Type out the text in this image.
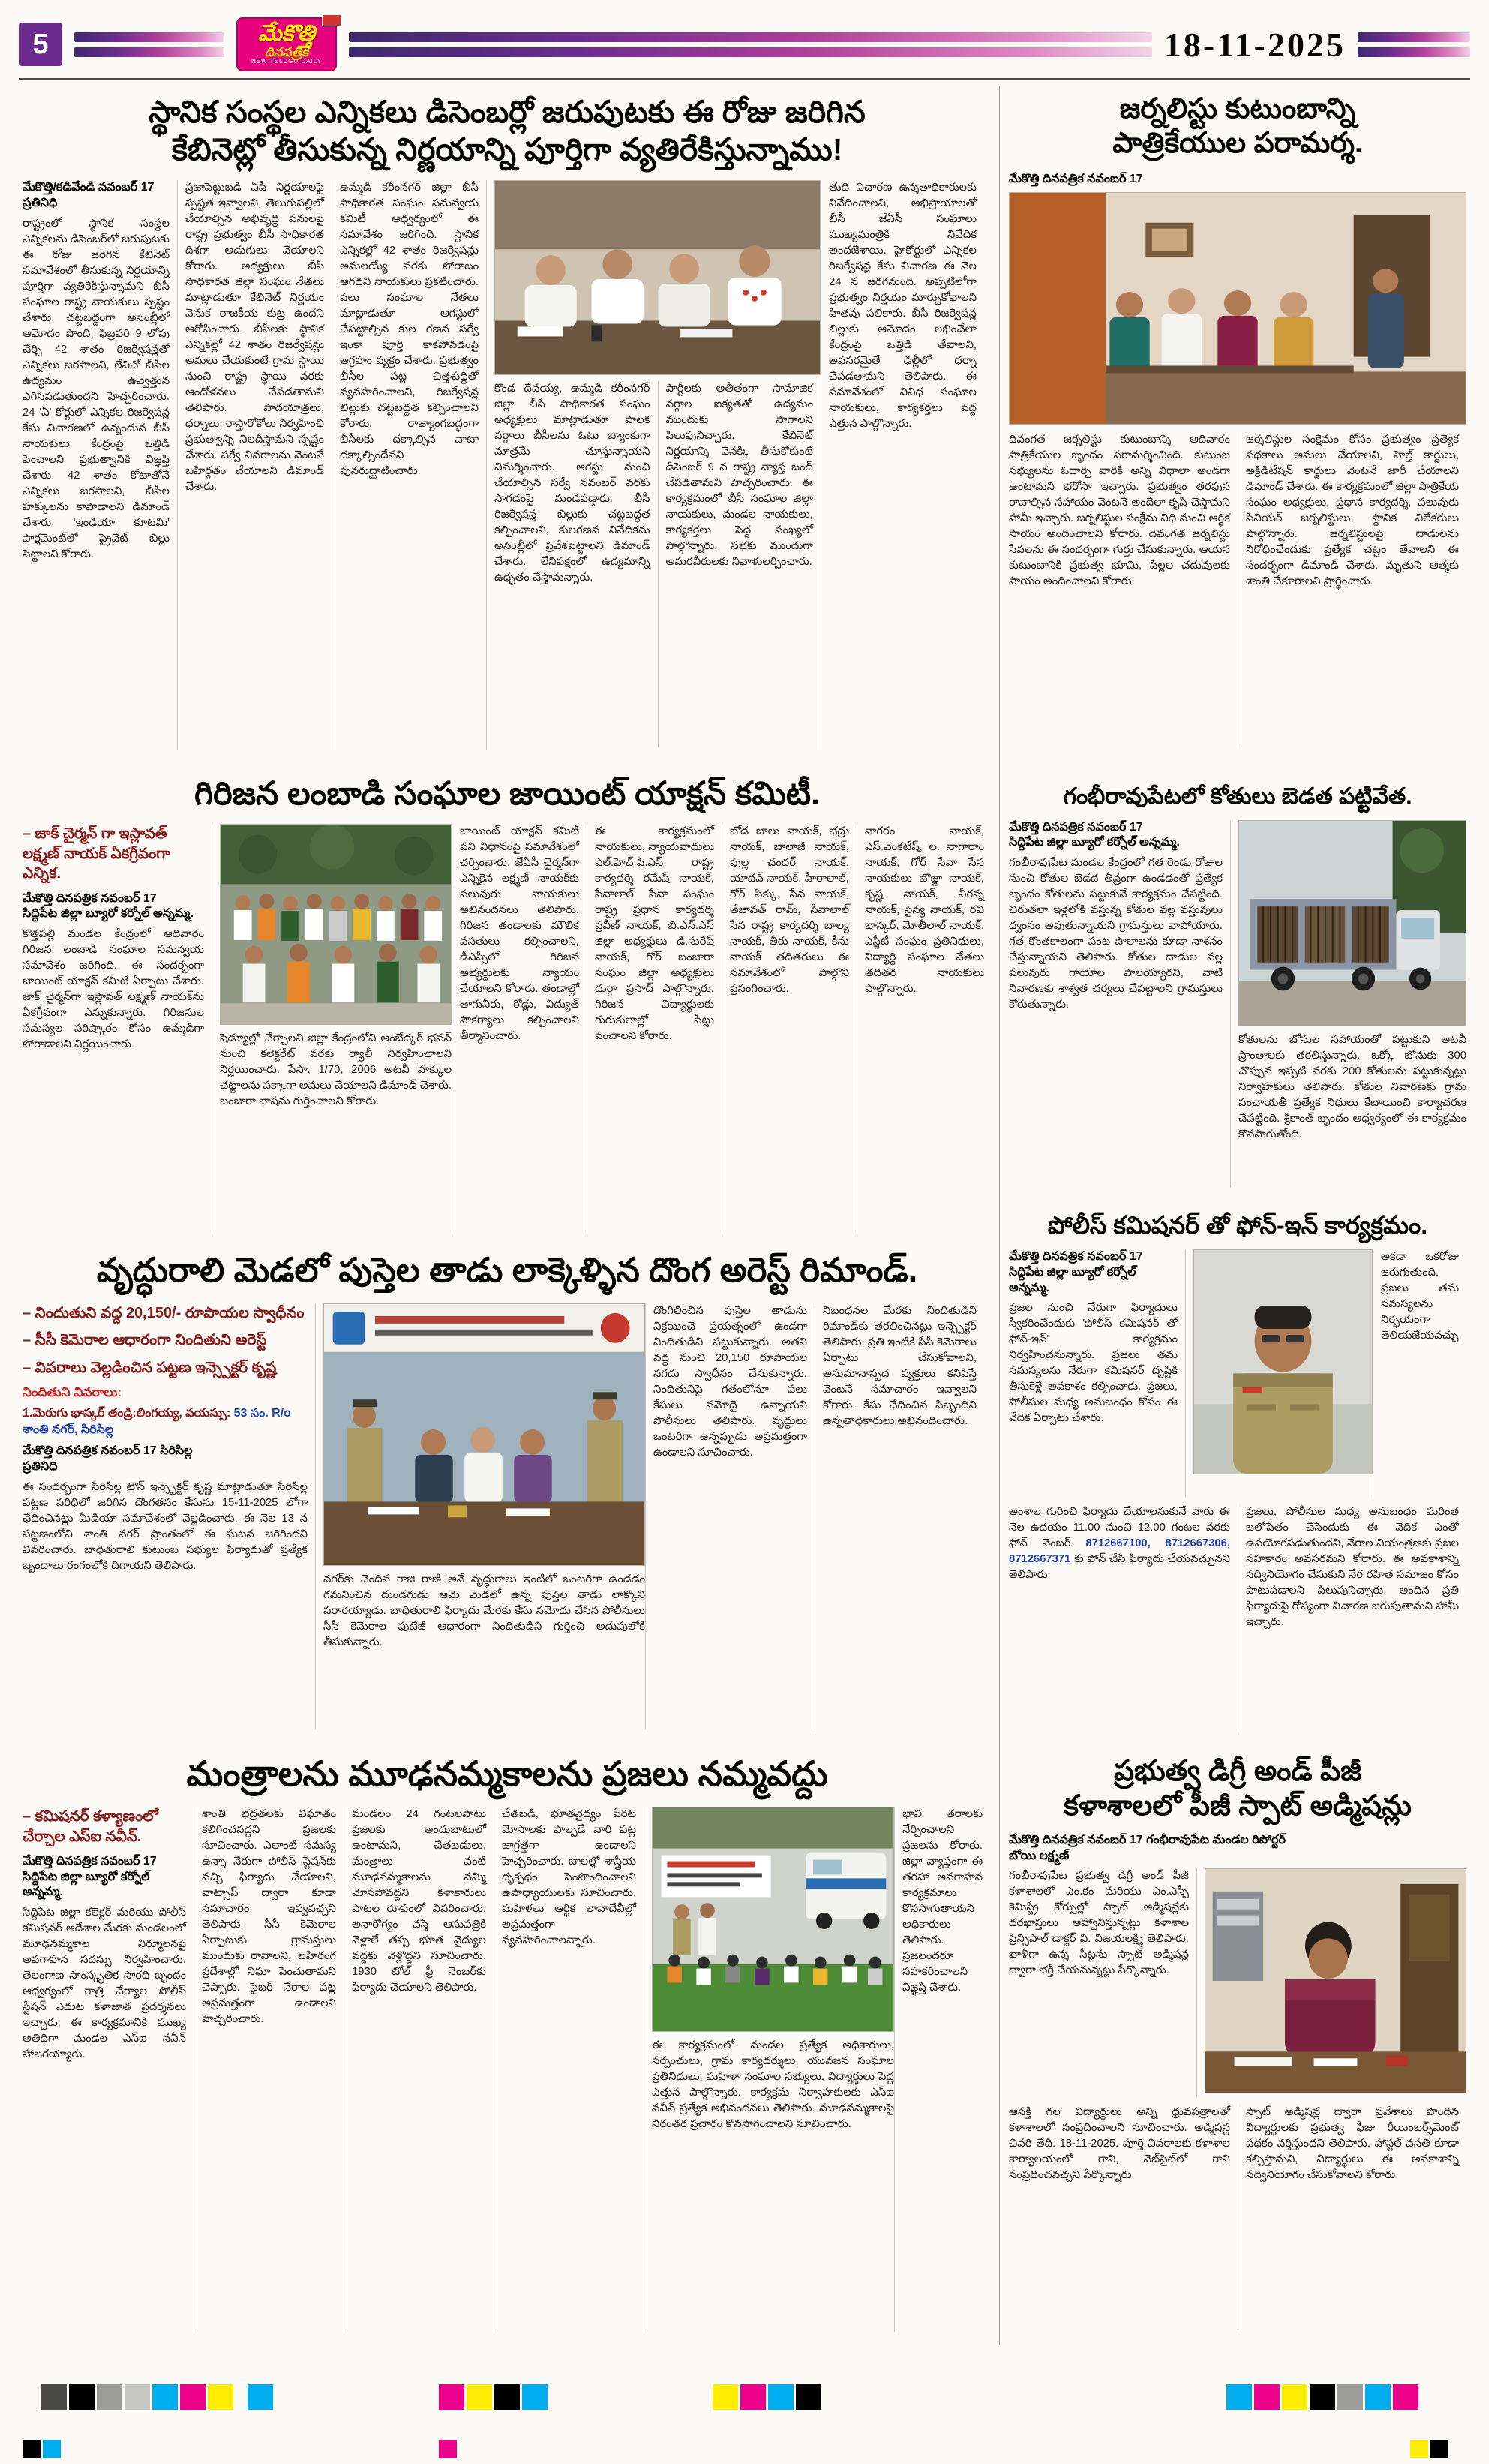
5	మేకొత్తి
దినపత్రిక
NEW TELUGU DAILY	18-11-2025
స్థానిక సంస్థల ఎన్నికలు డిసెంబర్లో జరుపుటకు ఈ రోజు జరిగిన
కేబినెట్లో తీసుకున్న నిర్ణయాన్ని పూర్తిగా వ్యతిరేకిస్తున్నాము!
మేకొత్తి/కడివేండి నవంబర్ 17
ప్రతినిధి

రాష్ట్రంలో స్థానిక సంస్థల ఎన్నికలను డిసెంబర్‌లో జరుపుటకు ఈ రోజు జరిగిన కేబినెట్ సమావేశంలో తీసుకున్న నిర్ణయాన్ని పూర్తిగా వ్యతిరేకిస్తున్నామని బీసీ సంఘాల రాష్ట్ర నాయకులు స్పష్టం చేశారు. చట్టబద్ధంగా అసెంబ్లీలో ఆమోదం పొంది, ఫిబ్రవరి 9 లోపు చేర్చి 42 శాతం రిజర్వేషన్లతో ఎన్నికలు జరపాలని, లేనిచో బీసీల ఉద్యమం ఉవ్వెత్తున ఎగిసిపడుతుందని హెచ్చరించారు. 24 'ఏ' కోర్టులో ఎన్నికల రిజర్వేషన్ల కేసు విచారణలో ఉన్నందున బీసీ నాయకులు కేంద్రంపై ఒత్తిడి పెంచాలని ప్రభుత్వానికి విజ్ఞప్తి చేశారు. 42 శాతం కోటాతోనే ఎన్నికలు జరపాలని, బీసీల హక్కులను కాపాడాలని డిమాండ్ చేశారు. 'ఇండియా కూటమి' పార్లమెంట్‌లో ప్రైవేట్ బిల్లు పెట్టాలని కోరారు.

ప్రజాపెట్టుబడి ఏపీ నిర్ణయాలపై స్పష్టత ఇవ్వాలని, తెలుగుపల్లిలో చేయాల్సిన అభివృద్ధి పనులపై రాష్ట్ర ప్రభుత్వం బీసీ సాధికారత దిశగా అడుగులు వేయాలని కోరారు. అధ్యక్షులు బీసీ సాధికారత జిల్లా సంఘం నేతలు మాట్లాడుతూ కేబినెట్ నిర్ణయం వెనుక రాజకీయ కుట్ర ఉందని ఆరోపించారు. బీసీలకు స్థానిక ఎన్నికల్లో 42 శాతం రిజర్వేషన్లు అమలు చేయకుంటే గ్రామ స్థాయి నుంచి రాష్ట్ర స్థాయి వరకు ఆందోళనలు చేపడతామని తెలిపారు. పాదయాత్రలు, ధర్నాలు, రాస్తారోకోలు నిర్వహించి ప్రభుత్వాన్ని నిలదీస్తామని స్పష్టం చేశారు. సర్వే వివరాలను వెంటనే బహిర్గతం చేయాలని డిమాండ్ చేశారు.

ఉమ్మడి కరీంనగర్ జిల్లా బీసీ సాధికారత సంఘం సమన్వయ కమిటీ ఆధ్వర్యంలో ఈ సమావేశం జరిగింది. స్థానిక ఎన్నికల్లో 42 శాతం రిజర్వేషన్లు అమలయ్యే వరకు పోరాటం ఆగదని నాయకులు ప్రకటించారు. పలు సంఘాల నేతలు మాట్లాడుతూ ఆగస్టులో చేపట్టాల్సిన కుల గణన సర్వే ఇంకా పూర్తి కాకపోవడంపై ఆగ్రహం వ్యక్తం చేశారు. ప్రభుత్వం బీసీల పట్ల చిత్తశుద్ధితో వ్యవహరించాలని, రిజర్వేషన్ల బిల్లుకు చట్టబద్ధత కల్పించాలని కోరారు. రాజ్యాంగబద్ధంగా బీసీలకు దక్కాల్సిన వాటా దక్కాల్సిందేనని పునరుద్ఘాటించారు.

కొండ దేవయ్య, ఉమ్మడి కరీంనగర్ జిల్లా బీసీ సాధికారత సంఘం అధ్యక్షులు మాట్లాడుతూ పాలక వర్గాలు బీసీలను ఓటు బ్యాంకుగా మాత్రమే చూస్తున్నాయని విమర్శించారు. ఆగస్టు నుంచి చేయాల్సిన సర్వే నవంబర్ వరకు సాగడంపై మండిపడ్డారు. బీసీ రిజర్వేషన్ల బిల్లుకు చట్టబద్ధత కల్పించాలని, కులగణన నివేదికను అసెంబ్లీలో ప్రవేశపెట్టాలని డిమాండ్ చేశారు. లేనిపక్షంలో ఉద్యమాన్ని ఉధృతం చేస్తామన్నారు.

పార్టీలకు అతీతంగా సామాజిక వర్గాల ఐక్యతతో ఉద్యమం ముందుకు సాగాలని పిలుపునిచ్చారు. కేబినెట్ నిర్ణయాన్ని వెనక్కి తీసుకోకుంటే డిసెంబర్ 9 న రాష్ట్ర వ్యాప్త బంద్ చేపడతామని హెచ్చరించారు. ఈ కార్యక్రమంలో బీసీ సంఘాల జిల్లా నాయకులు, మండల నాయకులు, కార్యకర్తలు పెద్ద సంఖ్యలో పాల్గొన్నారు. సభకు ముందుగా అమరవీరులకు నివాళులర్పించారు.

తుది విచారణ ఉన్నతాధికారులకు నివేదించాలని, అభిప్రాయాలతో బీసీ జేఏసీ సంఘాలు ముఖ్యమంత్రికి నివేదిక అందజేశాయి. హైకోర్టులో ఎన్నికల రిజర్వేషన్ల కేసు విచారణ ఈ నెల 24 న జరగనుంది. అప్పటిలోగా ప్రభుత్వం నిర్ణయం మార్చుకోవాలని హితవు పలికారు. బీసీ రిజర్వేషన్ల బిల్లుకు ఆమోదం లభించేలా కేంద్రంపై ఒత్తిడి తేవాలని, అవసరమైతే ఢిల్లీలో ధర్నా చేపడతామని తెలిపారు. ఈ సమావేశంలో వివిధ సంఘాల నాయకులు, కార్యకర్తలు పెద్ద ఎత్తున పాల్గొన్నారు.

జర్నలిస్టు కుటుంబాన్ని
పాత్రికేయుల పరామర్శ.
మేకొత్తి దినపత్రిక నవంబర్ 17

దివంగత జర్నలిస్టు కుటుంబాన్ని ఆదివారం పాత్రికేయుల బృందం పరామర్శించింది. కుటుంబ సభ్యులను ఓదార్చి వారికి అన్ని విధాలా అండగా ఉంటామని భరోసా ఇచ్చారు. ప్రభుత్వం తరఫున రావాల్సిన సహాయం వెంటనే అందేలా కృషి చేస్తామని హామీ ఇచ్చారు. జర్నలిస్టుల సంక్షేమ నిధి నుంచి ఆర్థిక సాయం అందించాలని కోరారు. దివంగత జర్నలిస్టు సేవలను ఈ సందర్భంగా గుర్తు చేసుకున్నారు. ఆయన కుటుంబానికి ప్రభుత్వ భూమి, పిల్లల చదువులకు సాయం అందించాలని కోరారు.

జర్నలిస్టుల సంక్షేమం కోసం ప్రభుత్వం ప్రత్యేక పథకాలు అమలు చేయాలని, హెల్త్ కార్డులు, అక్రిడిటేషన్ కార్డులు వెంటనే జారీ చేయాలని డిమాండ్ చేశారు. ఈ కార్యక్రమంలో జిల్లా పాత్రికేయ సంఘం అధ్యక్షులు, ప్రధాన కార్యదర్శి, పలువురు సీనియర్ జర్నలిస్టులు, స్థానిక విలేకరులు పాల్గొన్నారు. జర్నలిస్టులపై దాడులను నిరోధించేందుకు ప్రత్యేక చట్టం తేవాలని ఈ సందర్భంగా డిమాండ్ చేశారు. మృతుని ఆత్మకు శాంతి చేకూరాలని ప్రార్థించారు.

గిరిజన లంబాడి సంఘాల జాయింట్ యాక్షన్ కమిటీ.
– జాక్ చైర్మన్ గా ఇస్లావత్ లక్ష్మణ్ నాయక్ ఏకగ్రీవంగా ఎన్నిక.
మేకొత్తి దినపత్రిక నవంబర్ 17
సిద్దిపేట జిల్లా బ్యూరో కర్నోల్ అన్నమ్మ.

కొత్తపల్లి మండల కేంద్రంలో ఆదివారం గిరిజన లంబాడి సంఘాల సమన్వయ సమావేశం జరిగింది. ఈ సందర్భంగా జాయింట్ యాక్షన్ కమిటీ ఏర్పాటు చేశారు. జాక్ చైర్మన్‌గా ఇస్లావత్ లక్ష్మణ్ నాయక్‌ను ఏకగ్రీవంగా ఎన్నుకున్నారు. గిరిజనుల సమస్యల పరిష్కారం కోసం ఉమ్మడిగా పోరాడాలని నిర్ణయించారు.	షెడ్యూల్లో చేర్చాలని జిల్లా కేంద్రంలోని అంబేద్కర్ భవన్ నుంచి కలెక్టరేట్ వరకు ర్యాలీ నిర్వహించాలని నిర్ణయించారు. పేసా, 1/70, 2006 అటవీ హక్కుల చట్టాలను పక్కాగా అమలు చేయాలని డిమాండ్ చేశారు. బంజారా భాషను గుర్తించాలని కోరారు.

జాయింట్ యాక్షన్ కమిటీ పని విధానంపై సమావేశంలో చర్చించారు. జేఏసీ చైర్మన్‌గా ఎన్నికైన లక్ష్మణ్ నాయక్‌కు పలువురు నాయకులు అభినందనలు తెలిపారు. గిరిజన తండాలకు మౌలిక వసతులు కల్పించాలని, డీఎస్సీలో గిరిజన అభ్యర్థులకు న్యాయం చేయాలని కోరారు. తండాల్లో తాగునీరు, రోడ్లు, విద్యుత్ సౌకర్యాలు కల్పించాలని తీర్మానించారు.

ఈ కార్యక్రమంలో నాయకులు, న్యాయవాదులు ఎల్.హెచ్.పి.ఎస్ రాష్ట్ర కార్యదర్శి రమేష్ నాయక్, సేవాలాల్ సేవా సంఘం రాష్ట్ర ప్రధాన కార్యదర్శి ప్రవీణ్ నాయక్, బి.ఎన్.ఎస్ జిల్లా అధ్యక్షులు డి.సురేష్ నాయక్, గోర్ బంజారా సంఘం జిల్లా అధ్యక్షులు దుర్గా ప్రసాద్ పాల్గొన్నారు. గిరిజన విద్యార్థులకు గురుకులాల్లో సీట్లు పెంచాలని కోరారు.

బోడ బాలు నాయక్, భద్రు నాయక్, బాలాజీ నాయక్, పుల్ల చందర్ నాయక్, యాదవ్ నాయక్, హీరాలాల్, గోర్ సిక్కు, సేన నాయక్, తేజావత్ రామ్, సేవాలాల్ సేన రాష్ట్ర కార్యదర్శి బాల్య నాయక్, తీరు నాయక్, కీను నాయక్ తదితరులు ఈ సమావేశంలో పాల్గొని ప్రసంగించారు.

నాగరం నాయక్, ఎస్.వెంకటేష్, ల. నాగారాం నాయక్, గోర్ సేవా సేన నాయకులు బొజ్జా నాయక్, కృష్ణ నాయక్, వీరన్న నాయక్, సైన్య నాయక్, రవి భాస్కర్, మోతీలాల్ నాయక్, ఎస్జీటీ సంఘం ప్రతినిధులు, విద్యార్థి సంఘాల నేతలు తదితర నాయకులు పాల్గొన్నారు.

గంభీరావుపేటలో కోతులు బెడత పట్టివేత.
మేకొత్తి దినపత్రిక నవంబర్ 17
సిద్దిపేట జిల్లా బ్యూరో కర్నోల్ అన్నమ్మ.

గంభీరావుపేట మండల కేంద్రంలో గత రెండు రోజుల నుంచి కోతుల బెడద తీవ్రంగా ఉండడంతో ప్రత్యేక బృందం కోతులను పట్టుకునే కార్యక్రమం చేపట్టింది. చిరుతలా ఇళ్లలోకి వస్తున్న కోతుల వల్ల వస్తువులు ధ్వంసం అవుతున్నాయని గ్రామస్తులు వాపోయారు. గత కొంతకాలంగా పంట పొలాలను కూడా నాశనం చేస్తున్నాయని తెలిపారు. కోతుల దాడుల వల్ల పలువురు గాయాల పాలయ్యారని, వాటి నివారణకు శాశ్వత చర్యలు చేపట్టాలని గ్రామస్తులు కోరుతున్నారు.

కోతులను బోనుల సహాయంతో పట్టుకుని అటవీ ప్రాంతాలకు తరలిస్తున్నారు. ఒక్కో బోనుకు 300 చొప్పున ఇప్పటి వరకు 200 కోతులను పట్టుకున్నట్లు నిర్వాహకులు తెలిపారు. కోతుల నివారణకు గ్రామ పంచాయతీ ప్రత్యేక నిధులు కేటాయించి కార్యాచరణ చేపట్టింది. శ్రీకాంత్ బృందం ఆధ్వర్యంలో ఈ కార్యక్రమం కొనసాగుతోంది.

పోలీస్ కమిషనర్ తో ఫోన్-ఇన్ కార్యక్రమం.
మేకొత్తి దినపత్రిక నవంబర్ 17
సిద్దిపేట జిల్లా బ్యూరో కర్నోల్ అన్నమ్మ.

ప్రజల నుంచి నేరుగా ఫిర్యాదులు స్వీకరించేందుకు 'పోలీస్ కమిషనర్ తో ఫోన్-ఇన్' కార్యక్రమం నిర్వహించనున్నారు. ప్రజలు తమ సమస్యలను నేరుగా కమిషనర్ దృష్టికి తీసుకెళ్లే అవకాశం కల్పించారు. ప్రజలు, పోలీసుల మధ్య అనుబంధం కోసం ఈ వేదిక ఏర్పాటు చేశారు.

అకడా ఒకరోజు జరుగుతుంది. ప్రజలు తమ సమస్యలను నిర్భయంగా తెలియజేయవచ్చు.

అంశాల గురించి ఫిర్యాదు చేయాలనుకునే వారు ఈ నెల ఉదయం 11.00 నుంచి 12.00 గంటల వరకు ఫోన్ నెంబర్ 8712667100, 8712667306, 8712667371 కు ఫోన్ చేసి ఫిర్యాదు చేయవచ్చునని తెలిపారు.

ప్రజలు, పోలీసుల మధ్య అనుబంధం మరింత బలోపేతం చేసేందుకు ఈ వేదిక ఎంతో ఉపయోగపడుతుందని, నేరాల నియంత్రణకు ప్రజల సహకారం అవసరమని కోరారు. ఈ అవకాశాన్ని సద్వినియోగం చేసుకుని నేర రహిత సమాజం కోసం పాటుపడాలని పిలుపునిచ్చారు. అందిన ప్రతి ఫిర్యాదుపై గోప్యంగా విచారణ జరుపుతామని హామీ ఇచ్చారు.

వృద్ధురాలి మెడలో పుస్తెల తాడు లాక్కెళ్ళిన దొంగ అరెస్ట్ రిమాండ్.
– నిందుతుని వద్ద 20,150/- రూపాయల స్వాధీనం
– సీసీ కెమెరాల ఆధారంగా నిందితుని అరెస్ట్
– వివరాలు వెల్లడించిన పట్టణ ఇన్స్పెక్టర్ కృష్ణ
నిందితుని వివరాలు:
1.మెరుగు భాస్కర్ తండ్రి:లింగయ్య, వయస్సు: 53 సం. R/o శాంతి నగర్, సిరిసిల్ల
మేకొత్తి దినపత్రిక నవంబర్ 17 సిరిసిల్ల
ప్రతినిధి

ఈ సందర్భంగా సిరిసిల్ల టౌన్ ఇన్స్పెక్టర్ కృష్ణ మాట్లాడుతూ సిరిసిల్ల పట్టణ పరిధిలో జరిగిన దొంగతనం కేసును 15-11-2025 లోగా ఛేదించినట్లు మీడియా సమావేశంలో వెల్లడించారు. ఈ నెల 13 న పట్టణంలోని శాంతి నగర్ ప్రాంతంలో ఈ ఘటన జరిగిందని వివరించారు. బాధితురాలి కుటుంబ సభ్యుల ఫిర్యాదుతో ప్రత్యేక బృందాలు రంగంలోకి దిగాయని తెలిపారు.

నగర్‌కు చెందిన గాజి రాణి అనే వృద్ధురాలు ఇంటిలో ఒంటరిగా ఉండడం గమనించిన దుండగుడు ఆమె మెడలో ఉన్న పుస్తెల తాడు లాక్కొని పరారయ్యాడు. బాధితురాలి ఫిర్యాదు మేరకు కేసు నమోదు చేసిన పోలీసులు సీసీ కెమెరాల ఫుటేజీ ఆధారంగా నిందితుడిని గుర్తించి అదుపులోకి తీసుకున్నారు.

దొంగిలించిన పుస్తెల తాడును విక్రయించే ప్రయత్నంలో ఉండగా నిందితుడిని పట్టుకున్నారు. అతని వద్ద నుంచి 20,150 రూపాయల నగదు స్వాధీనం చేసుకున్నారు. నిందితునిపై గతంలోనూ పలు కేసులు నమోదై ఉన్నాయని పోలీసులు తెలిపారు. వృద్ధులు ఒంటరిగా ఉన్నప్పుడు అప్రమత్తంగా ఉండాలని సూచించారు.

నిబంధనల మేరకు నిందితుడిని రిమాండ్‌కు తరలించినట్లు ఇన్స్పెక్టర్ తెలిపారు. ప్రతి ఇంటికి సీసీ కెమెరాలు ఏర్పాటు చేసుకోవాలని, అనుమానాస్పద వ్యక్తులు కనిపిస్తే వెంటనే సమాచారం ఇవ్వాలని కోరారు. కేసు ఛేదించిన సిబ్బందిని ఉన్నతాధికారులు అభినందించారు.

మంత్రాలను మూఢనమ్మకాలను ప్రజలు నమ్మవద్దు
– కమిషనర్ కళ్యాణంలో చేర్చాల ఎస్ఐ నవీన్.
మేకొత్తి దినపత్రిక నవంబర్ 17
సిద్దిపేట జిల్లా బ్యూరో కర్నోల్ అన్నమ్మ.

సిద్దిపేట జిల్లా కలెక్టర్ మరియు పోలీస్ కమిషనర్ ఆదేశాల మేరకు మండలంలో మూఢనమ్మకాల నిర్మూలనపై అవగాహన సదస్సు నిర్వహించారు. తెలంగాణ సాంస్కృతిక సారథి బృందం ఆధ్వర్యంలో రాత్రి చేర్యాల పోలీస్ స్టేషన్ ఎదుట కళాజాత ప్రదర్శనలు ఇచ్చారు. ఈ కార్యక్రమానికి ముఖ్య అతిథిగా మండల ఎస్ఐ నవీన్ హాజరయ్యారు.

శాంతి భద్రతలకు విఘాతం కలిగించవద్దని ప్రజలకు సూచించారు. ఎలాంటి సమస్య ఉన్నా నేరుగా పోలీస్ స్టేషన్‌కు వచ్చి ఫిర్యాదు చేయాలని, వాట్సాప్ ద్వారా కూడా సమాచారం ఇవ్వవచ్చని తెలిపారు. సీసీ కెమెరాల ఏర్పాటుకు గ్రామస్తులు ముందుకు రావాలని, బహిరంగ ప్రదేశాల్లో నిఘా పెంచుతామని చెప్పారు. సైబర్ నేరాల పట్ల అప్రమత్తంగా ఉండాలని హెచ్చరించారు.

మండలం 24 గంటలపాటు ప్రజలకు అందుబాటులో ఉంటామని, చేతబడులు, మంత్రాలు వంటి మూఢనమ్మకాలను నమ్మి మోసపోవద్దని కళాకారులు పాటల రూపంలో వివరించారు. అనారోగ్యం వస్తే ఆసుపత్రికి వెళ్లాలే తప్ప భూత వైద్యుల వద్దకు వెళ్లొద్దని సూచించారు. 1930 టోల్ ఫ్రీ నెంబర్‌కు ఫిర్యాదు చేయాలని తెలిపారు.

చేతబడి, భూతవైద్యం పేరిట మోసాలకు పాల్పడే వారి పట్ల జాగ్రత్తగా ఉండాలని హెచ్చరించారు. బాలల్లో శాస్త్రీయ దృక్పథం పెంపొందించాలని ఉపాధ్యాయులకు సూచించారు. మహిళలు ఆర్థిక లావాదేవీల్లో అప్రమత్తంగా వ్యవహరించాలన్నారు.

ఈ కార్యక్రమంలో మండల ప్రత్యేక అధికారులు, సర్పంచులు, గ్రామ కార్యదర్శులు, యువజన సంఘాల ప్రతినిధులు, మహిళా సంఘాల సభ్యులు, విద్యార్థులు పెద్ద ఎత్తున పాల్గొన్నారు. కార్యక్రమ నిర్వాహకులకు ఎస్ఐ నవీన్ ప్రత్యేక అభినందనలు తెలిపారు. మూఢనమ్మకాలపై నిరంతర ప్రచారం కొనసాగించాలని సూచించారు.

భావి తరాలకు నేర్పించాలని ప్రజలను కోరారు. జిల్లా వ్యాప్తంగా ఈ తరహా అవగాహన కార్యక్రమాలు కొనసాగుతాయని అధికారులు తెలిపారు. ప్రజలందరూ సహకరించాలని విజ్ఞప్తి చేశారు.

ప్రభుత్వ డిగ్రీ అండ్ పీజీ
కళాశాలలో పీజీ స్పాట్ అడ్మిషన్లు
మేకొత్తి దినపత్రిక నవంబర్ 17 గంభీరావుపేట మండల రిపోర్టర్
బోయి లక్ష్మణ్

గంభీరావుపేట ప్రభుత్వ డిగ్రీ అండ్ పీజీ కళాశాలలో ఎం.కం మరియు ఎం.ఎస్సీ కెమిస్ట్రీ కోర్సుల్లో స్పాట్ అడ్మిషన్లకు దరఖాస్తులు ఆహ్వానిస్తున్నట్లు కళాశాల ప్రిన్సిపాల్ డాక్టర్ వి. విజయలక్ష్మి తెలిపారు. ఖాళీగా ఉన్న సీట్లను స్పాట్ అడ్మిషన్ల ద్వారా భర్తీ చేయనున్నట్లు పేర్కొన్నారు.

ఆసక్తి గల విద్యార్థులు అన్ని ధ్రువపత్రాలతో కళాశాలలో సంప్రదించాలని సూచించారు. అడ్మిషన్ల చివరి తేదీ: 18-11-2025. పూర్తి వివరాలకు కళాశాల కార్యాలయంలో గాని, వెబ్‌సైట్‌లో గాని సంప్రదించవచ్చని పేర్కొన్నారు.

స్పాట్ అడ్మిషన్ల ద్వారా ప్రవేశాలు పొందిన విద్యార్థులకు ప్రభుత్వ ఫీజు రీయింబర్స్‌మెంట్ పథకం వర్తిస్తుందని తెలిపారు. హాస్టల్ వసతి కూడా కల్పిస్తామని, విద్యార్థులు ఈ అవకాశాన్ని సద్వినియోగం చేసుకోవాలని కోరారు.
